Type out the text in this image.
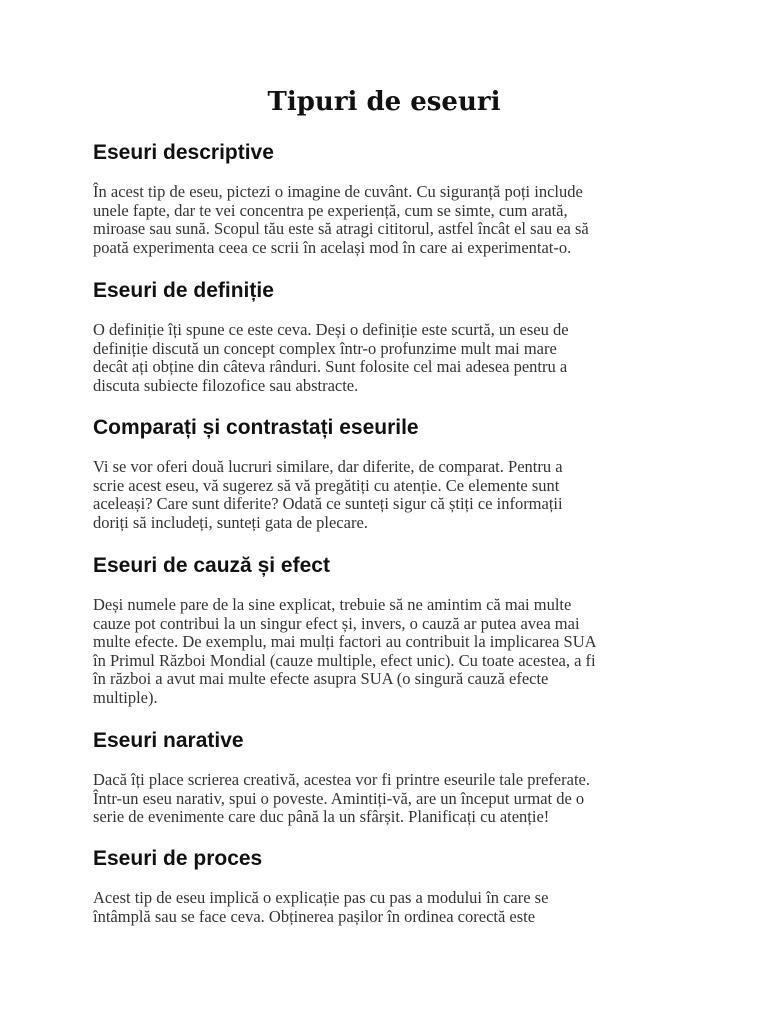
Tipuri de eseuri
Eseuri descriptive

În acest tip de eseu, pictezi o imagine de cuvânt. Cu siguranță poți include
unele fapte, dar te vei concentra pe experiență, cum se simte, cum arată,
miroase sau sună. Scopul tău este să atragi cititorul, astfel încât el sau ea să
poată experimenta ceea ce scrii în același mod în care ai experimentat-o.

Eseuri de definiție

O definiție îți spune ce este ceva. Deși o definiție este scurtă, un eseu de
definiție discută un concept complex într-o profunzime mult mai mare
decât ați obține din câteva rânduri. Sunt folosite cel mai adesea pentru a
discuta subiecte filozofice sau abstracte.

Comparați și contrastați eseurile

Vi se vor oferi două lucruri similare, dar diferite, de comparat. Pentru a
scrie acest eseu, vă sugerez să vă pregătiți cu atenție. Ce elemente sunt
aceleași? Care sunt diferite? Odată ce sunteți sigur că știți ce informații
doriți să includeți, sunteți gata de plecare.

Eseuri de cauză și efect

Deși numele pare de la sine explicat, trebuie să ne amintim că mai multe
cauze pot contribui la un singur efect și, invers, o cauză ar putea avea mai
multe efecte. De exemplu, mai mulți factori au contribuit la implicarea SUA
în Primul Război Mondial (cauze multiple, efect unic). Cu toate acestea, a fi
în război a avut mai multe efecte asupra SUA (o singură cauză efecte
multiple).

Eseuri narative

Dacă îți place scrierea creativă, acestea vor fi printre eseurile tale preferate.
Într-un eseu narativ, spui o poveste. Amintiți-vă, are un început urmat de o
serie de evenimente care duc până la un sfârșit. Planificați cu atenție!

Eseuri de proces

Acest tip de eseu implică o explicație pas cu pas a modului în care se
întâmplă sau se face ceva. Obținerea pașilor în ordinea corectă este
